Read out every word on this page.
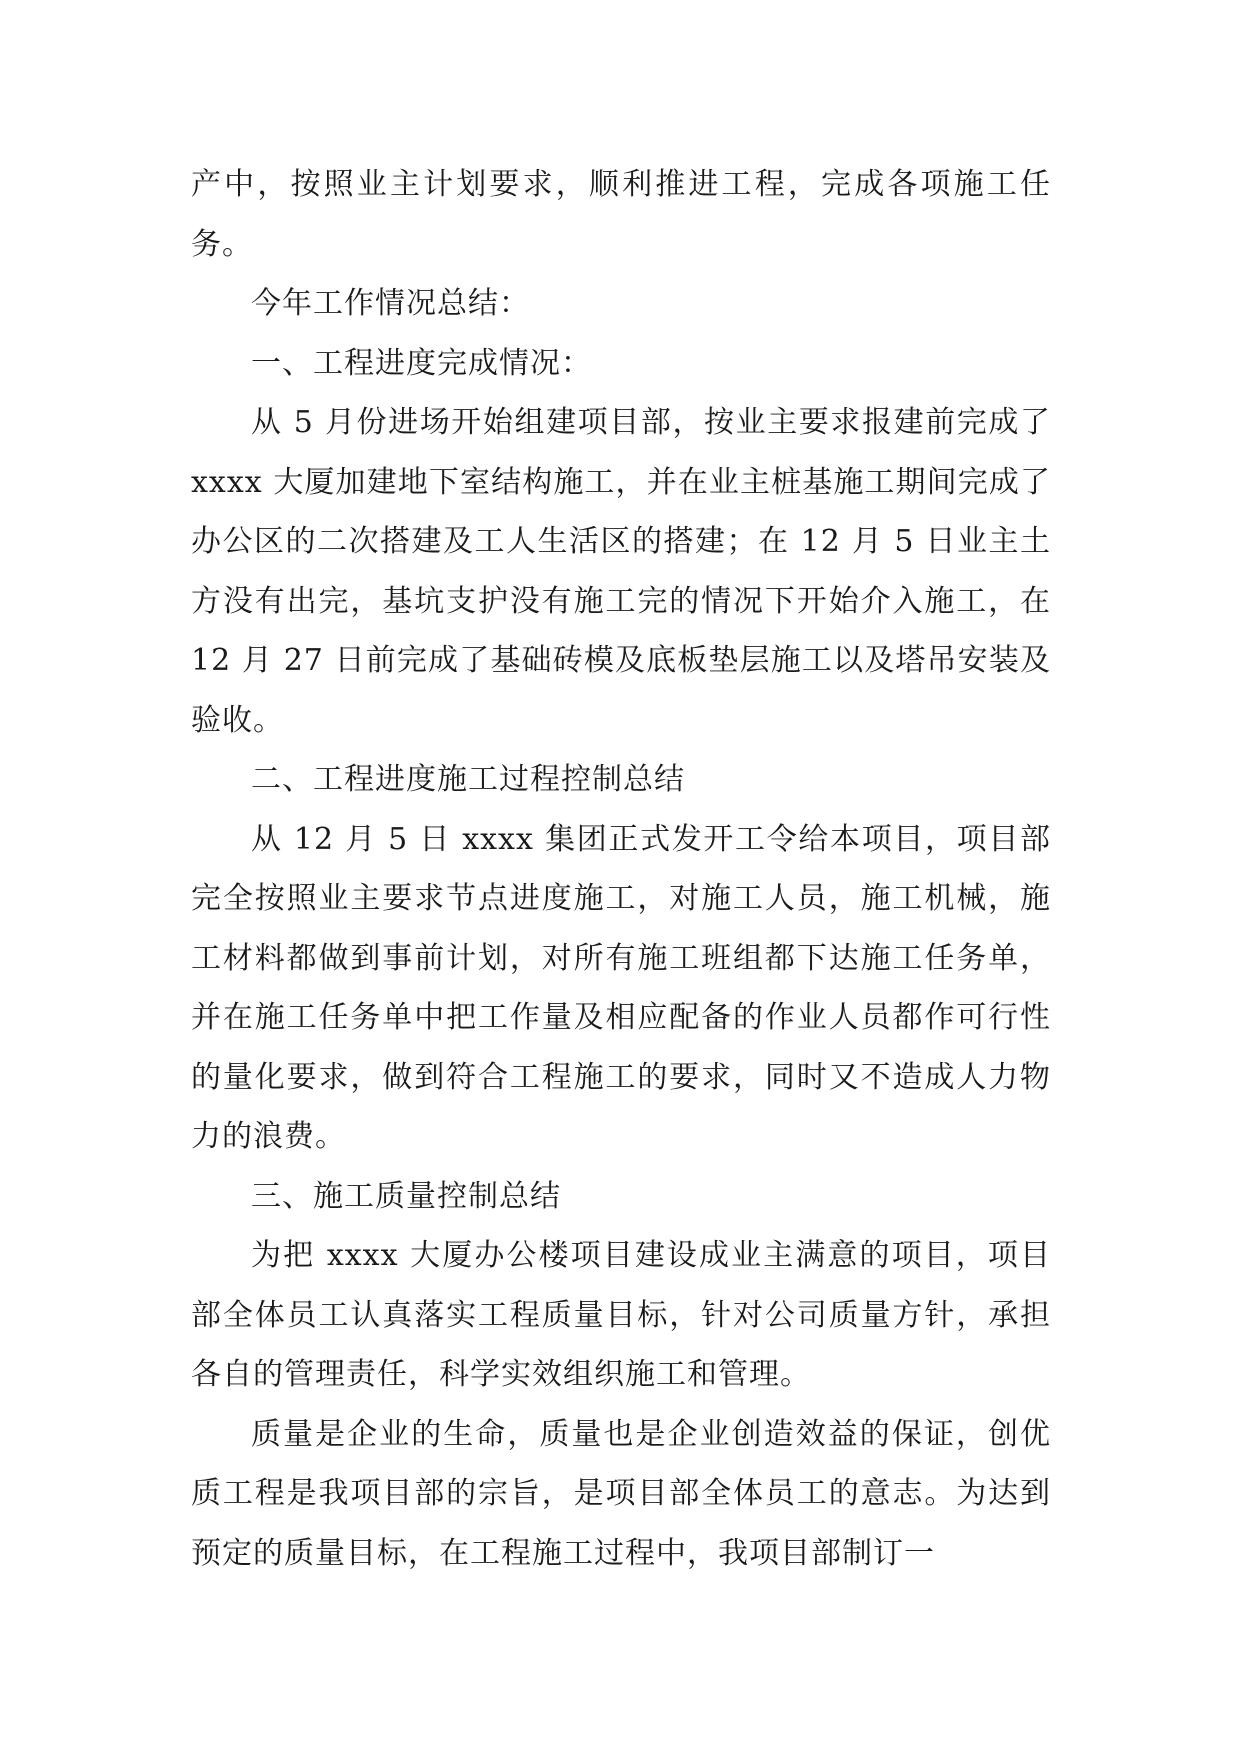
产中，按照业主计划要求，顺利推进工程，完成各项施工任务。

今年工作情况总结：

一、工程进度完成情况：

从 5 月份进场开始组建项目部，按业主要求报建前完成了 xxxx 大厦加建地下室结构施工，并在业主桩基施工期间完成了办公区的二次搭建及工人生活区的搭建；在 12 月 5 日业主土方没有出完，基坑支护没有施工完的情况下开始介入施工，在 12 月 27 日前完成了基础砖模及底板垫层施工以及塔吊安装及验收。

二、工程进度施工过程控制总结

从 12 月 5 日 xxxx 集团正式发开工令给本项目，项目部完全按照业主要求节点进度施工，对施工人员，施工机械，施工材料都做到事前计划，对所有施工班组都下达施工任务单，并在施工任务单中把工作量及相应配备的作业人员都作可行性的量化要求，做到符合工程施工的要求，同时又不造成人力物力的浪费。

三、施工质量控制总结

为把 xxxx 大厦办公楼项目建设成业主满意的项目，项目部全体员工认真落实工程质量目标，针对公司质量方针，承担各自的管理责任，科学实效组织施工和管理。

质量是企业的生命，质量也是企业创造效益的保证，创优质工程是我项目部的宗旨，是项目部全体员工的意志。为达到预定的质量目标，在工程施工过程中，我项目部制订一
